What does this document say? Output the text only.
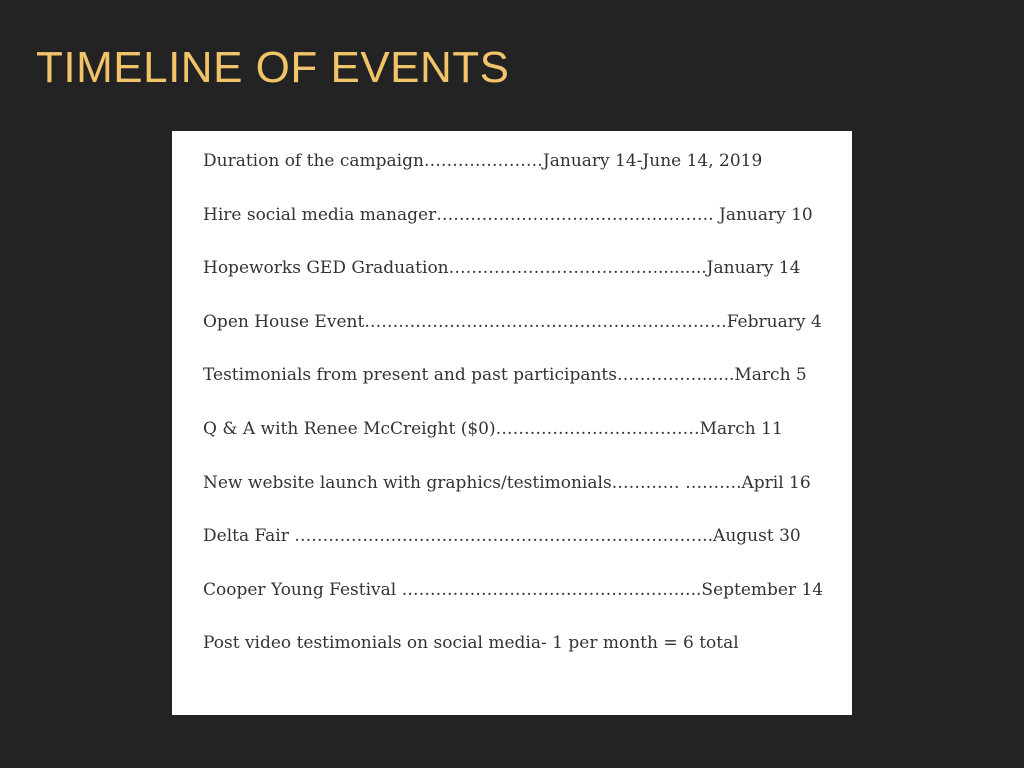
TIMELINE OF EVENTS
Duration of the campaign…………………January 14-June 14, 2019
Hire social media manager…………………………………………. January 10
Hopeworks GED Graduation………………………………..........January 14
Open House Event……………………………………………………….February 4
Testimonials from present and past participants……………......March 5
Q & A with Renee McCreight ($0)………………………………March 11
New website launch with graphics/testimonials………… ……….April 16
Delta Fair ………………………………………………………………..August 30
Cooper Young Festival ……………………………………………..September 14
Post video testimonials on social media- 1 per month = 6 total
